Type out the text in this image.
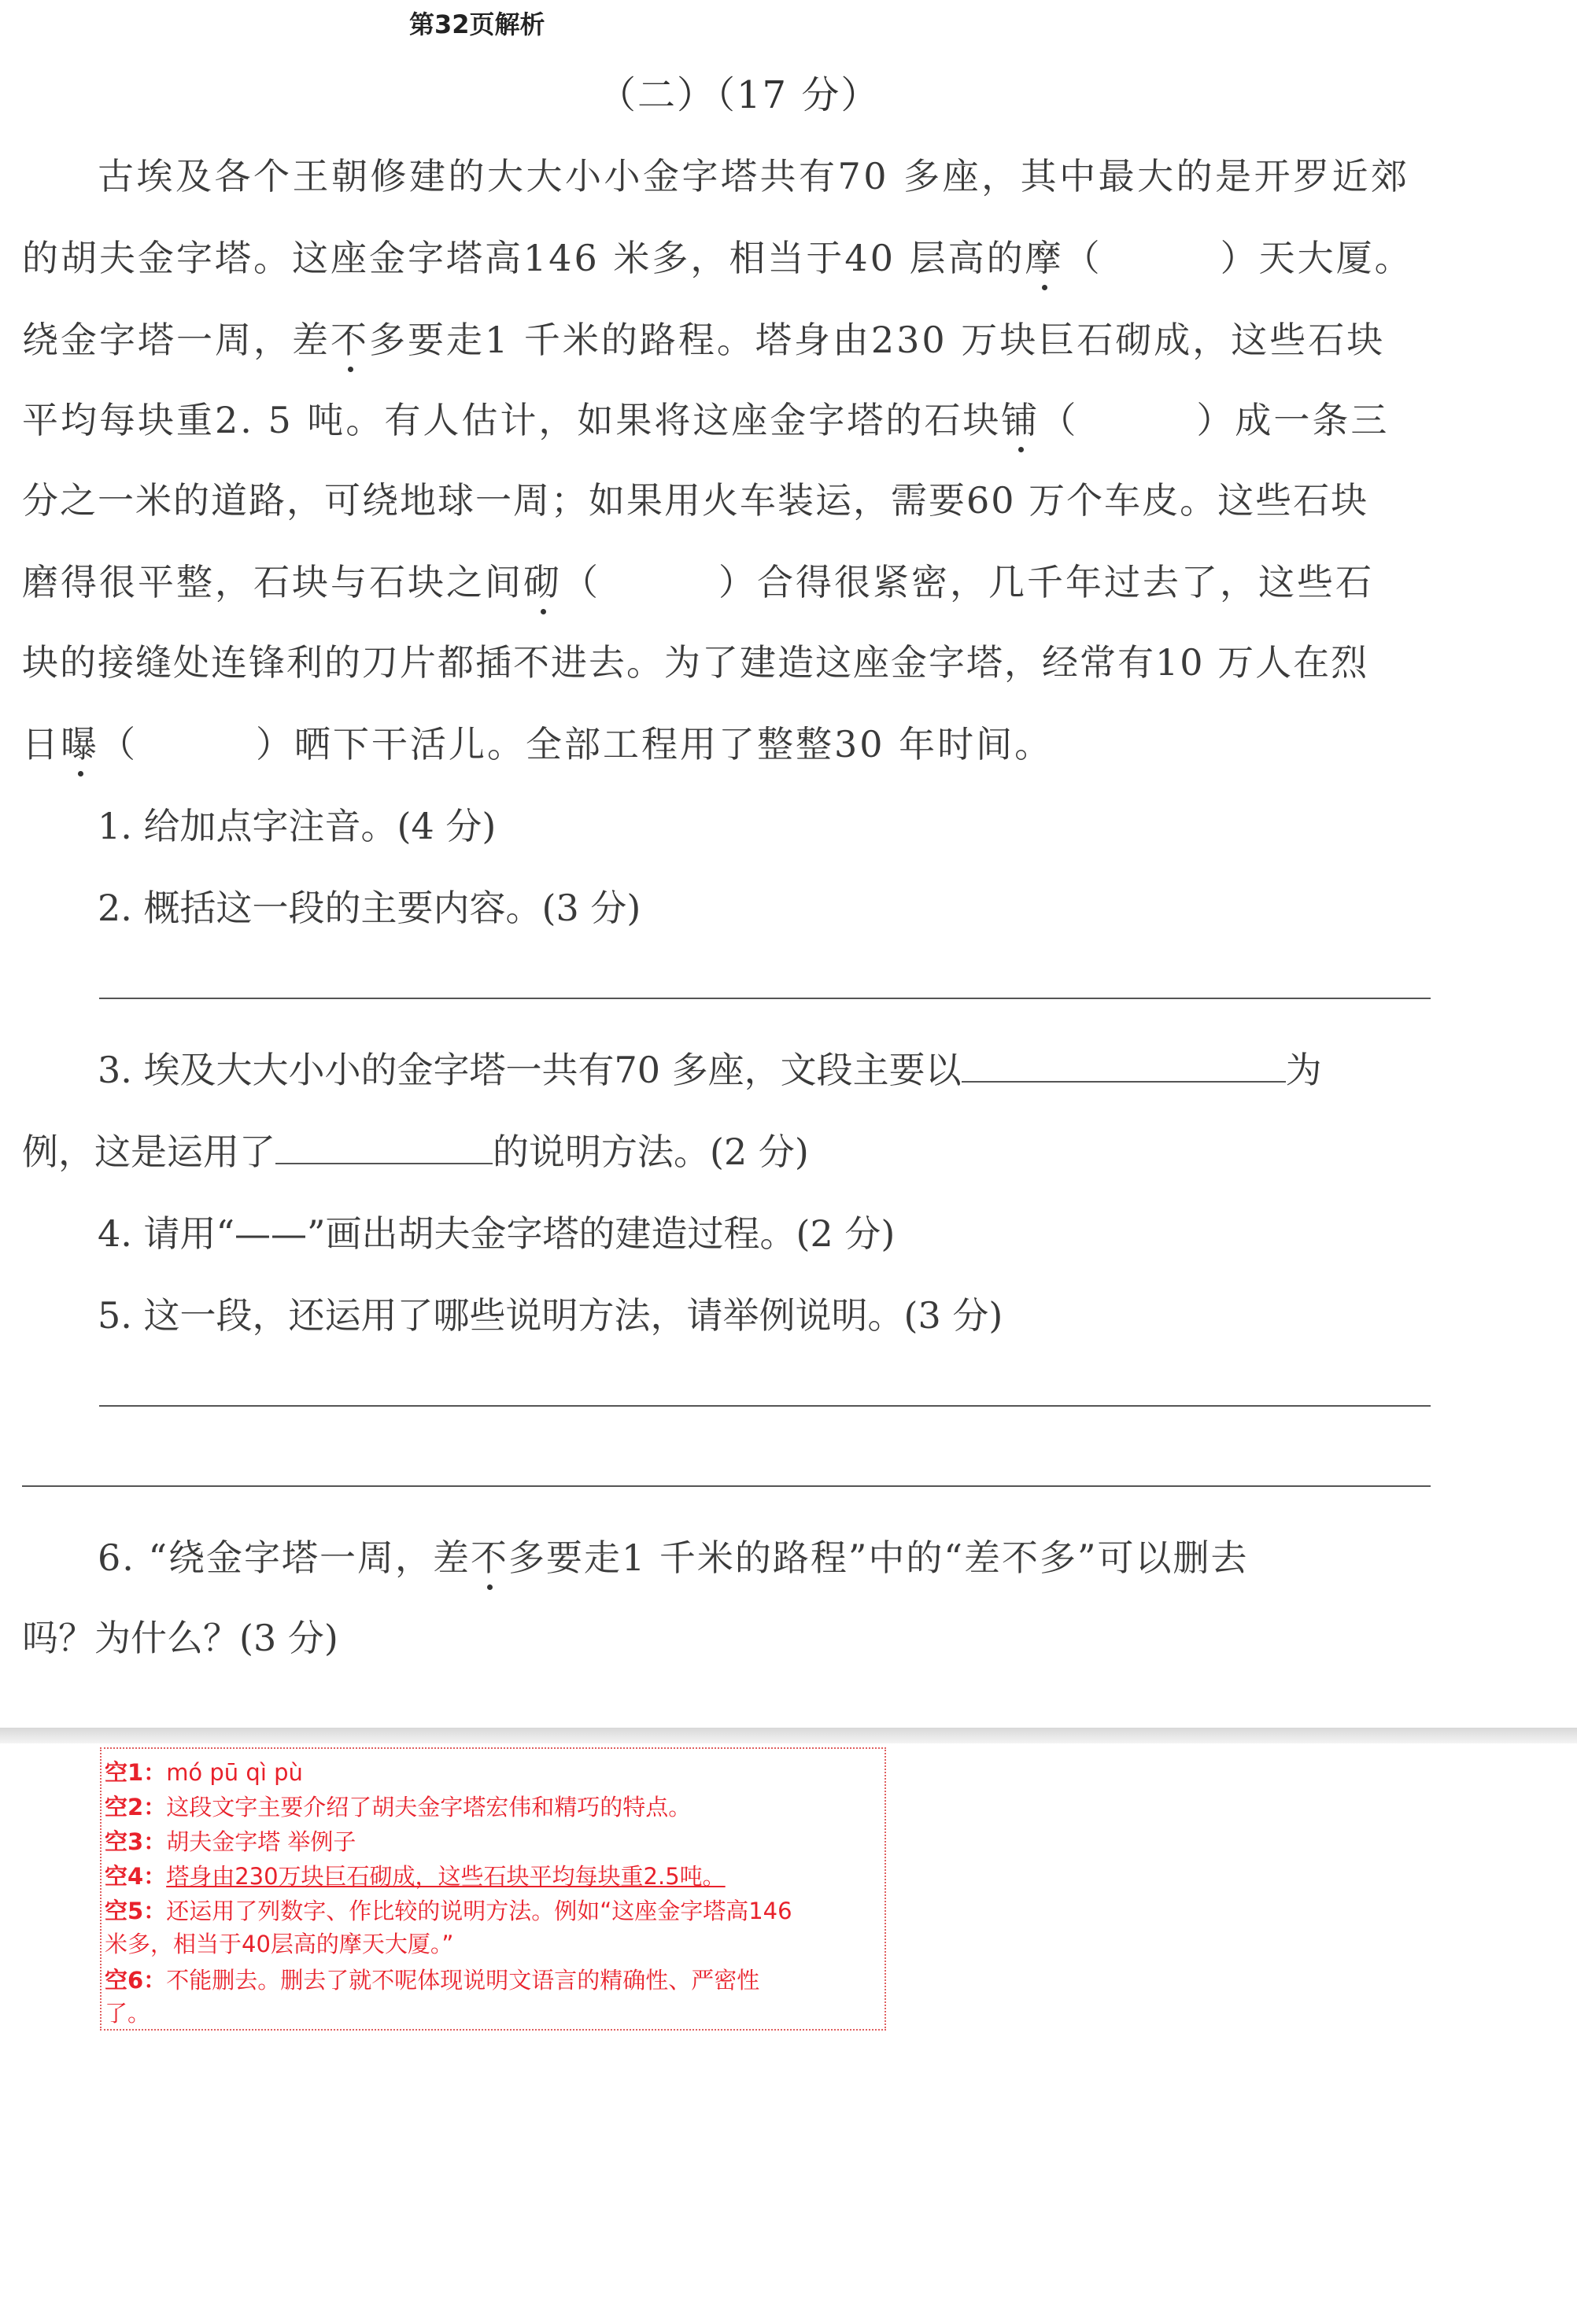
第32页解析
（二）（17 分）
古埃及各个王朝修建的大大小小金字塔共有70 多座，其中最大的是开罗近郊
的胡夫金字塔。这座金字塔高146 米多，相当于40 层高的摩（	）天大厦。
绕金字塔一周，差不多要走1 千米的路程。塔身由230 万块巨石砌成，这些石块
平均每块重2. 5 吨。有人估计，如果将这座金字塔的石块铺（	）成一条三
分之一米的道路，可绕地球一周；如果用火车装运，需要60 万个车皮。这些石块
磨得很平整，石块与石块之间砌（	）合得很紧密，几千年过去了，这些石
块的接缝处连锋利的刀片都插不进去。为了建造这座金字塔，经常有10 万人在烈
日曝（	）晒下干活儿。全部工程用了整整30 年时间。
1. 给加点字注音。(4 分)
2. 概括这一段的主要内容。(3 分)
3. 埃及大大小小的金字塔一共有70 多座，文段主要以	为
例，这是运用了	的说明方法。(2 分)
4. 请用“——”画出胡夫金字塔的建造过程。(2 分)
5. 这一段，还运用了哪些说明方法，请举例说明。(3 分)
6. “绕金字塔一周，差不多要走1 千米的路程”中的“差不多”可以删去
吗？为什么？(3 分)
空1：mó pū qì pù
空2：这段文字主要介绍了胡夫金字塔宏伟和精巧的特点。
空3：胡夫金字塔 举例子
空4：塔身由230万块巨石砌成，这些石块平均每块重2.5吨。
空5：还运用了列数字、作比较的说明方法。例如“这座金字塔高146
米多，相当于40层高的摩天大厦。”
空6：不能删去。删去了就不呢体现说明文语言的精确性、严密性
了。
